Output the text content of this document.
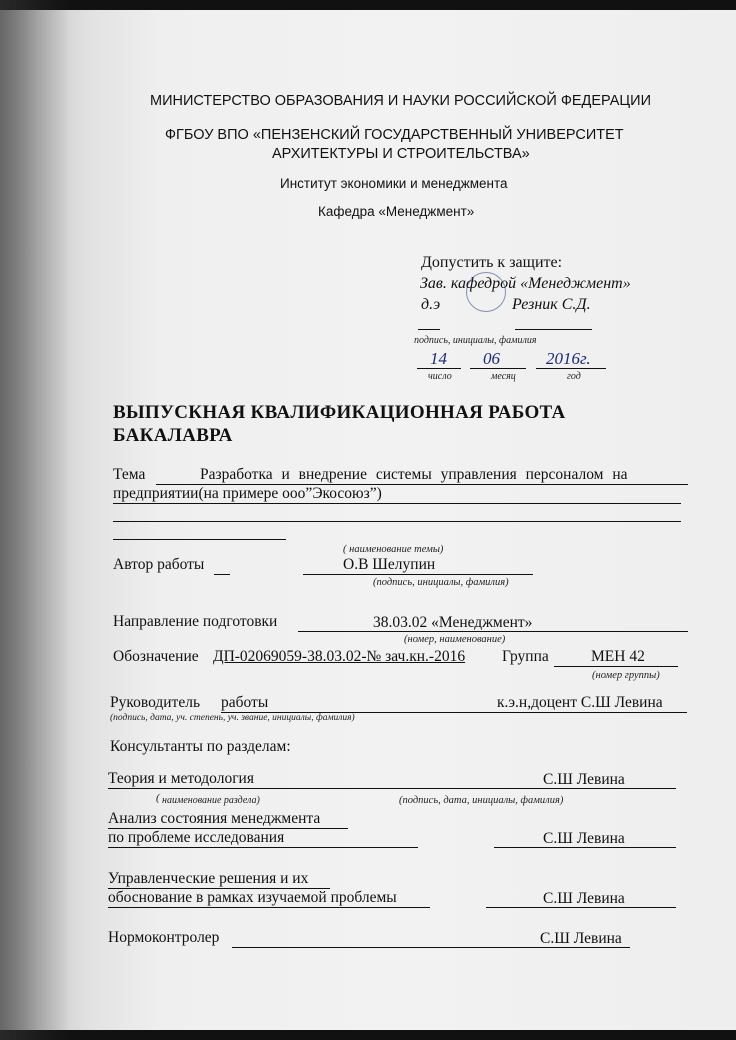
МИНИСТЕРСТВО ОБРАЗОВАНИЯ И НАУКИ РОССИЙСКОЙ ФЕДЕРАЦИИ
ФГБОУ ВПО «ПЕНЗЕНСКИЙ ГОСУДАРСТВЕННЫЙ УНИВЕРСИТЕТ
АРХИТЕКТУРЫ И СТРОИТЕЛЬСТВА»
Институт экономики и менеджмента
Кафедра «Менеджмент»
Допустить к защите:
Зав. кафедрой «Менеджмент»
д.э	Резник С.Д.
подпись, инициалы, фамилия
14 06	2016г.
число	месяц	год
ВЫПУСКНАЯ КВАЛИФИКАЦИОННАЯ РАБОТА
БАКАЛАВРА
Тема	Разработка и внедрение системы управления персоналом на
предприятии(на примере ооо”Экосоюз”)
( наименование темы)
Автор работы	О.В Шелупин
(подпись, инициалы, фамилия)
Направление подготовки	38.03.02 «Менеджмент»
(номер, наименование)
Обозначение ДП-02069059-38.03.02-№ зач.кн.-2016 Группа	МЕН 42
(номер группы)
Руководитель работы	к.э.н,доцент С.Ш Левина
(подпись, дата, уч. степень, уч. звание, инициалы, фамилия)
Консультанты по разделам:
Теория и методология	С.Ш Левина
( наименование раздела)	(подпись, дата, инициалы, фамилия)
Анализ состояния менеджмента
по проблеме исследования	С.Ш Левина
Управленческие решения и их
обоснование в рамках изучаемой проблемы	С.Ш Левина
Нормоконтролер	С.Ш Левина
